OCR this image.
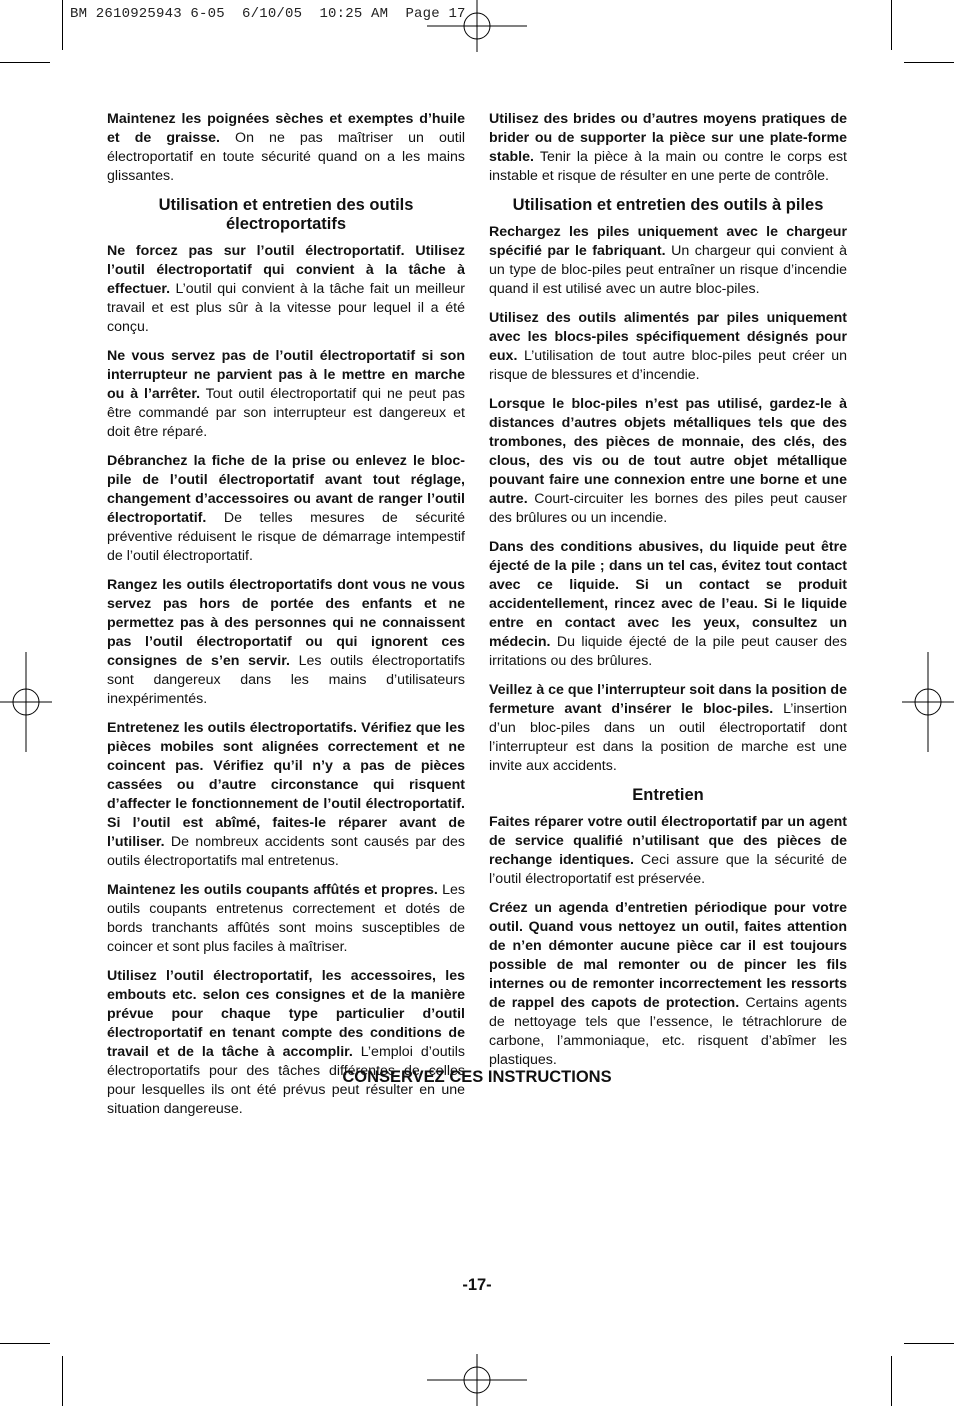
BM 2610925943 6-05  6/10/05  10:25 AM  Page 17

Maintenez les poignées sèches et exemptes d’huile et de graisse. On ne pas maîtriser un outil électroportatif en toute sécurité quand on a les mains glissantes.

Utilisation et entretien des outils électroportatifs

Ne forcez pas sur l’outil électroportatif. Utilisez l’outil électroportatif qui convient à la tâche à effectuer. L’outil qui convient à la tâche fait un meilleur travail et est plus sûr à la vitesse pour lequel il a été conçu.

Ne vous servez pas de l’outil électroportatif si son interrupteur ne parvient pas à le mettre en marche ou à l’arrêter. Tout outil électroportatif qui ne peut pas être commandé par son interrupteur est dangereux et doit être réparé.

Débranchez la fiche de la prise ou enlevez le bloc-pile de l’outil électroportatif avant tout réglage, changement d’accessoires ou avant de ranger l’outil électroportatif. De telles mesures de sécurité préventive réduisent le risque de démarrage intempestif de l’outil électroportatif.

Rangez les outils électroportatifs dont vous ne vous servez pas hors de portée des enfants et ne permettez pas à des personnes qui ne connaissent pas l’outil électroportatif ou qui ignorent ces consignes de s’en servir. Les outils électroportatifs sont dangereux dans les mains d’utilisateurs inexpérimentés.

Entretenez les outils électroportatifs. Vérifiez que les pièces mobiles sont alignées correctement et ne coincent pas. Vérifiez qu’il n’y a pas de pièces cassées ou d’autre circonstance qui risquent d’affecter le fonctionnement de l’outil électroportatif. Si l’outil est abîmé, faites-le réparer avant de l’utiliser. De nombreux accidents sont causés par des outils électroportatifs mal entretenus.

Maintenez les outils coupants affûtés et propres. Les outils coupants entretenus correctement et dotés de bords tranchants affûtés sont moins susceptibles de coincer et sont plus faciles à maîtriser.

Utilisez l’outil électroportatif, les accessoires, les embouts etc. selon ces consignes et de la manière prévue pour chaque type particulier d’outil électroportatif en tenant compte des conditions de travail et de la tâche à accomplir. L’emploi d’outils électroportatifs pour des tâches différentes de celles pour lesquelles ils ont été prévus peut résulter en une situation dangereuse.

Utilisez des brides ou d’autres moyens pratiques de brider ou de supporter la pièce sur une plate-forme stable. Tenir la pièce à la main ou contre le corps est instable et risque de résulter en une perte de contrôle.

Utilisation et entretien des outils à piles

Rechargez les piles uniquement avec le chargeur spécifié par le fabriquant. Un chargeur qui convient à un type de bloc-piles peut entraîner un risque d’incendie quand il est utilisé avec un autre bloc-piles.

Utilisez des outils alimentés par piles uniquement avec les blocs-piles spécifiquement désignés pour eux. L’utilisation de tout autre bloc-piles peut créer un risque de blessures et d’incendie.

Lorsque le bloc-piles n’est pas utilisé, gardez-le à distances d’autres objets métalliques tels que des trombones, des pièces de monnaie, des clés, des clous, des vis ou de tout autre objet métallique pouvant faire une connexion entre une borne et une autre. Court-circuiter les bornes des piles peut causer des brûlures ou un incendie.

Dans des conditions abusives, du liquide peut être éjecté de la pile ; dans un tel cas, évitez tout contact avec ce liquide. Si un contact se produit accidentellement, rincez avec de l’eau. Si le liquide entre en contact avec les yeux, consultez un médecin. Du liquide éjecté de la pile peut causer des irritations ou des brûlures.

Veillez à ce que l’interrupteur soit dans la position de fermeture avant d’insérer le bloc-piles. L’insertion d’un bloc-piles dans un outil électroportatif dont l’interrupteur est dans la position de marche est une invite aux accidents.

Entretien

Faites réparer votre outil électroportatif par un agent de service qualifié n’utilisant que des pièces de rechange identiques. Ceci assure que la sécurité de l’outil électroportatif est préservée.

Créez un agenda d’entretien périodique pour votre outil. Quand vous nettoyez un outil, faites attention de n’en démonter aucune pièce car il est toujours possible de mal remonter ou de pincer les fils internes ou de remonter incorrectement les ressorts de rappel des capots de protection. Certains agents de nettoyage tels que l’essence, le tétrachlorure de carbone, l’ammoniaque, etc. risquent d’abîmer les plastiques.

CONSERVEZ CES INSTRUCTIONS
-17-
